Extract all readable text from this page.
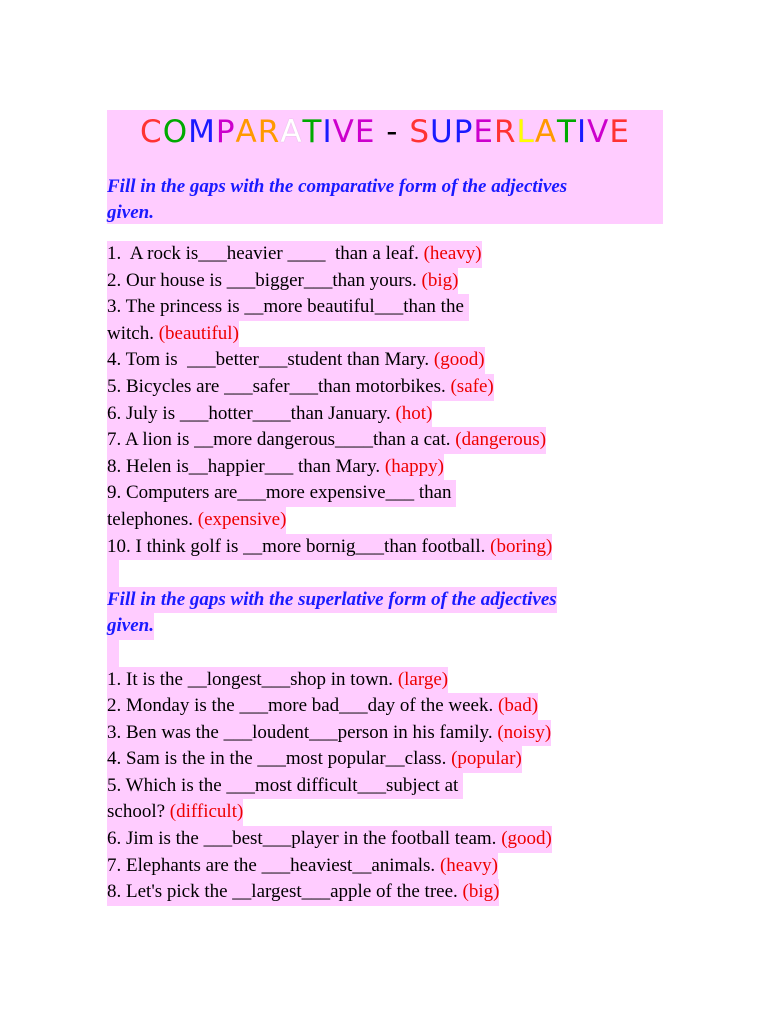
COMPARATIVE - SUPERLATIVE
Fill in the gaps with the comparative form of the adjectives
given.
1.  A rock is___heavier ____  than a leaf. (heavy)
2. Our house is ___bigger___than yours. (big)
3. The princess is __more beautiful___than the
witch. (beautiful)
4. Tom is  ___better___student than Mary. (good)
5. Bicycles are ___safer___than motorbikes. (safe)
6. July is ___hotter____than January. (hot)
7. A lion is __more dangerous____than a cat. (dangerous)
8. Helen is__happier___ than Mary. (happy)
9. Computers are___more expensive___ than
telephones. (expensive)
10. I think golf is __more bornig___than football. (boring)
Fill in the gaps with the superlative form of the adjectives
given.
1. It is the __longest___shop in town. (large)
2. Monday is the ___more bad___day of the week. (bad)
3. Ben was the ___loudent___person in his family. (noisy)
4. Sam is the in the ___most popular__class. (popular)
5. Which is the ___most difficult___subject at
school? (difficult)
6. Jim is the ___best___player in the football team. (good)
7. Elephants are the ___heaviest__animals. (heavy)
8. Let's pick the __largest___apple of the tree. (big)
